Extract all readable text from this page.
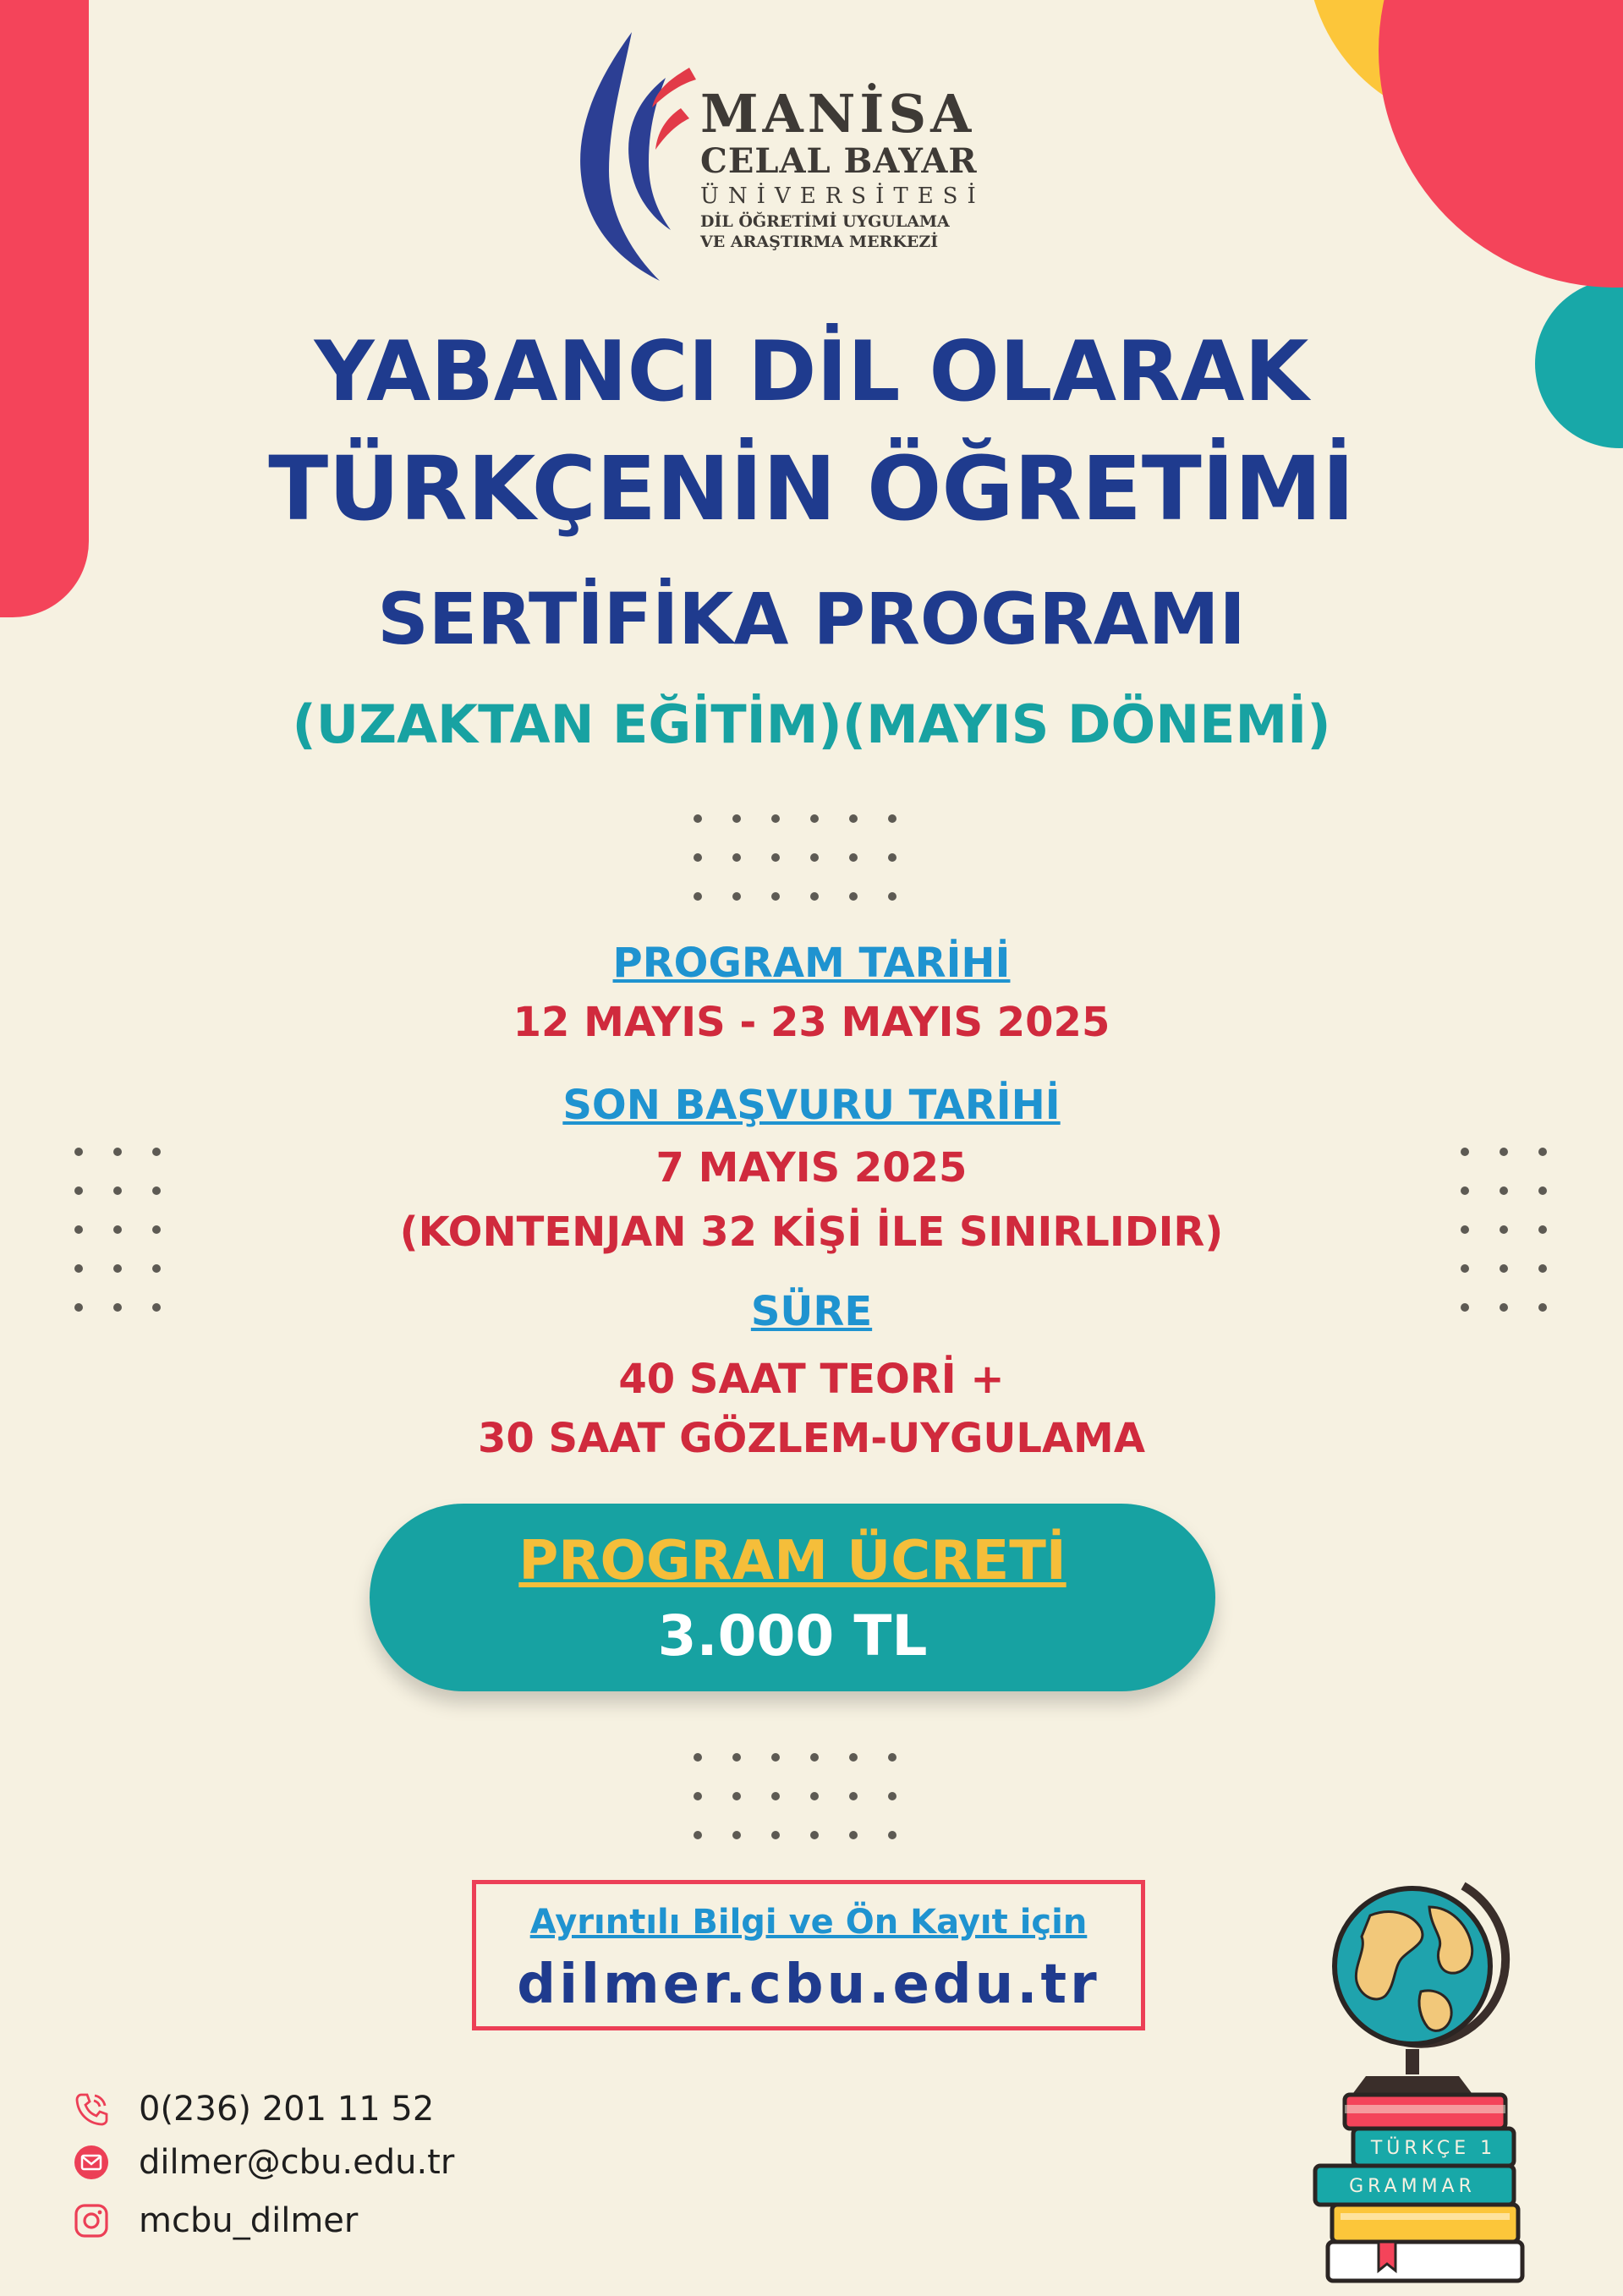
MANİSA
CELAL BAYAR
ÜNİVERSİTESİ
DİL ÖĞRETİMİ UYGULAMA
VE ARAŞTIRMA MERKEZİ
YABANCI DİL OLARAK
TÜRKÇENİN ÖĞRETİMİ
SERTİFİKA PROGRAMI
(UZAKTAN EĞİTİM)(MAYIS DÖNEMİ)
PROGRAM TARİHİ
12 MAYIS - 23 MAYIS 2025
SON BAŞVURU TARİHİ
7 MAYIS 2025
(KONTENJAN 32 KİŞİ İLE SINIRLIDIR)
SÜRE
40 SAAT TEORİ +
30 SAAT GÖZLEM-UYGULAMA
PROGRAM ÜCRETİ
3.000 TL
Ayrıntılı Bilgi ve Ön Kayıt için
dilmer.cbu.edu.tr
0(236) 201 11 52
dilmer@cbu.edu.tr
mcbu_dilmer
TÜRKÇE 1
GRAMMAR
